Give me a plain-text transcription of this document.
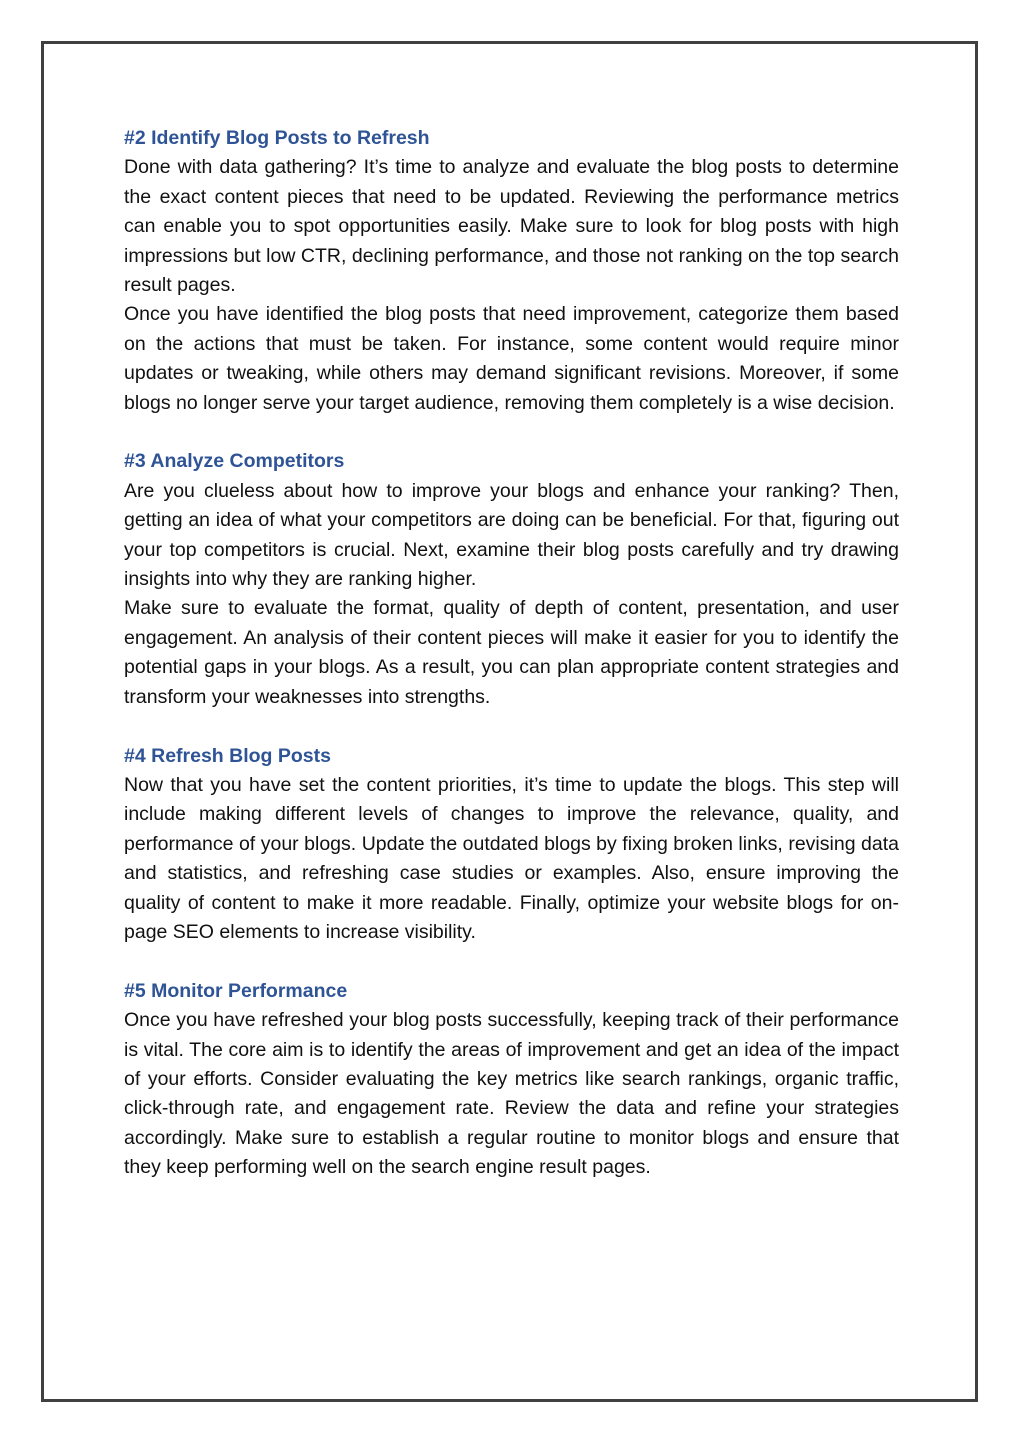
#2 Identify Blog Posts to Refresh

Done with data gathering? It’s time to analyze and evaluate the blog posts to determine the exact content pieces that need to be updated. Reviewing the performance metrics can enable you to spot opportunities easily. Make sure to look for blog posts with high impressions but low CTR, declining performance, and those not ranking on the top search result pages.

Once you have identified the blog posts that need improvement, categorize them based on the actions that must be taken. For instance, some content would require minor updates or tweaking, while others may demand significant revisions. Moreover, if some blogs no longer serve your target audience, removing them completely is a wise decision.

#3 Analyze Competitors

Are you clueless about how to improve your blogs and enhance your ranking? Then, getting an idea of what your competitors are doing can be beneficial. For that, figuring out your top competitors is crucial. Next, examine their blog posts carefully and try drawing insights into why they are ranking higher.

Make sure to evaluate the format, quality of depth of content, presentation, and user engagement. An analysis of their content pieces will make it easier for you to identify the potential gaps in your blogs. As a result, you can plan appropriate content strategies and transform your weaknesses into strengths.

#4 Refresh Blog Posts

Now that you have set the content priorities, it’s time to update the blogs. This step will include making different levels of changes to improve the relevance, quality, and performance of your blogs. Update the outdated blogs by fixing broken links, revising data and statistics, and refreshing case studies or examples. Also, ensure improving the quality of content to make it more readable. Finally, optimize your website blogs for on-page SEO elements to increase visibility.

#5 Monitor Performance

Once you have refreshed your blog posts successfully, keeping track of their performance is vital. The core aim is to identify the areas of improvement and get an idea of the impact of your efforts. Consider evaluating the key metrics like search rankings, organic traffic, click-through rate, and engagement rate. Review the data and refine your strategies accordingly. Make sure to establish a regular routine to monitor blogs and ensure that they keep performing well on the search engine result pages.
